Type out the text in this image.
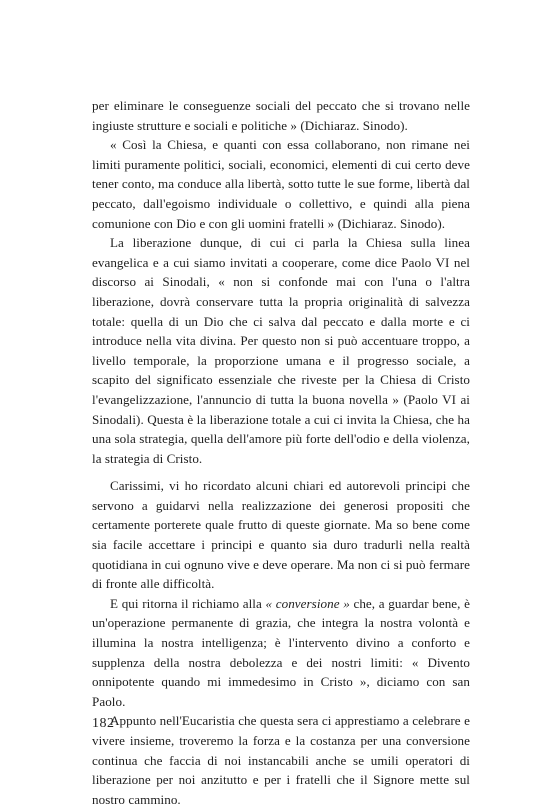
per eliminare le conseguenze sociali del peccato che si trovano nelle ingiuste strutture e sociali e politiche » (Dichiaraz. Sinodo).

« Così la Chiesa, e quanti con essa collaborano, non rimane nei limiti puramente politici, sociali, economici, elementi di cui certo deve tener conto, ma conduce alla libertà, sotto tutte le sue forme, libertà dal peccato, dall'egoismo individuale o collettivo, e quindi alla piena comunione con Dio e con gli uomini fratelli » (Dichiaraz. Sinodo).

La liberazione dunque, di cui ci parla la Chiesa sulla linea evangelica e a cui siamo invitati a cooperare, come dice Paolo VI nel discorso ai Sinodali, « non si confonde mai con l'una o l'altra liberazione, dovrà conservare tutta la propria originalità di salvezza totale: quella di un Dio che ci salva dal peccato e dalla morte e ci introduce nella vita divina. Per questo non si può accentuare troppo, a livello temporale, la proporzione umana e il progresso sociale, a scapito del significato essenziale che riveste per la Chiesa di Cristo l'evangelizzazione, l'annuncio di tutta la buona novella » (Paolo VI ai Sinodali). Questa è la liberazione totale a cui ci invita la Chiesa, che ha una sola strategia, quella dell'amore più forte dell'odio e della violenza, la strategia di Cristo.

Carissimi, vi ho ricordato alcuni chiari ed autorevoli principi che servono a guidarvi nella realizzazione dei generosi propositi che certamente porterete quale frutto di queste giornate. Ma so bene come sia facile accettare i principi e quanto sia duro tradurli nella realtà quotidiana in cui ognuno vive e deve operare. Ma non ci si può fermare di fronte alle difficoltà.

E qui ritorna il richiamo alla « conversione » che, a guardar bene, è un'operazione permanente di grazia, che integra la nostra volontà e illumina la nostra intelligenza; è l'intervento divino a conforto e supplenza della nostra debolezza e dei nostri limiti: « Divento onnipotente quando mi immedesimo in Cristo », diciamo con san Paolo.

Appunto nell'Eucaristia che questa sera ci apprestiamo a celebrare e vivere insieme, troveremo la forza e la costanza per una conversione continua che faccia di noi instancabili anche se umili operatori di liberazione per noi anzitutto e per i fratelli che il Signore mette sul nostro cammino.

182
